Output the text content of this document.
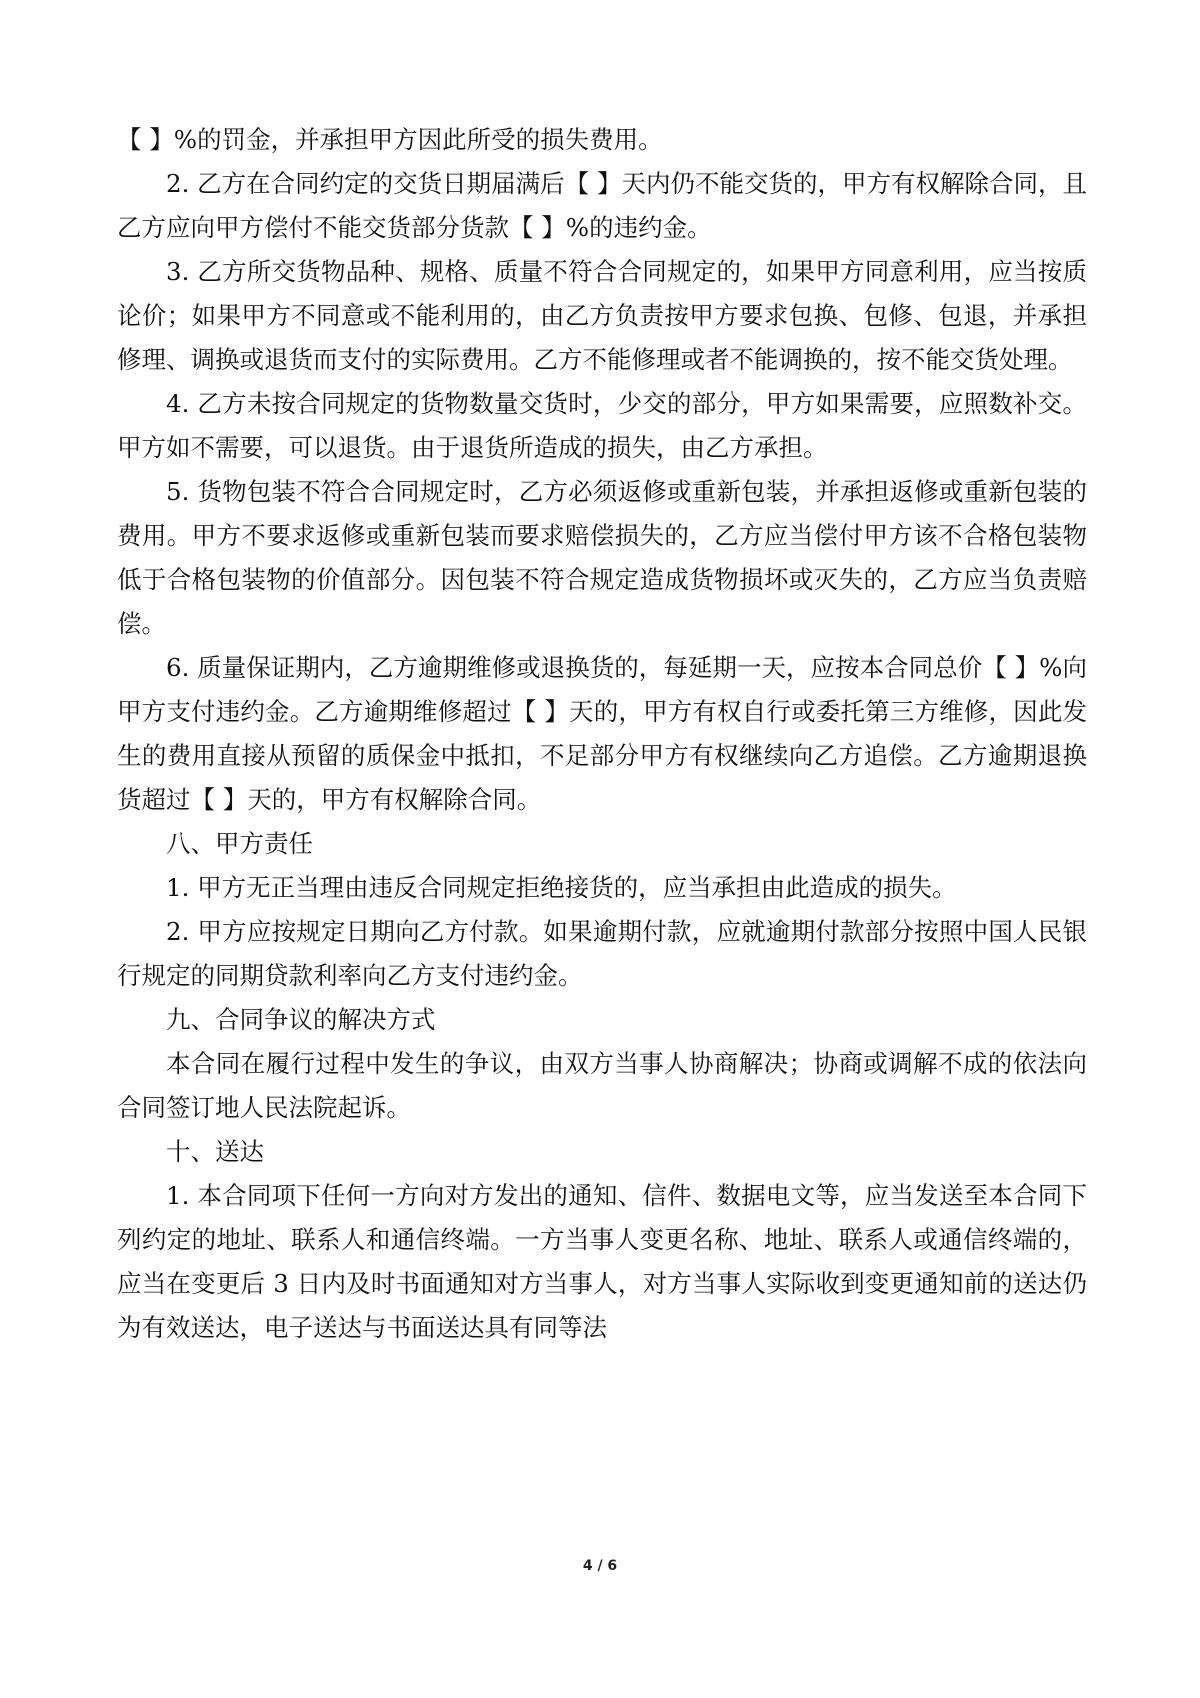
【 】%的罚金，并承担甲方因此所受的损失费用。

2. 乙方在合同约定的交货日期届满后【 】天内仍不能交货的，甲方有权解除合同，且乙方应向甲方偿付不能交货部分货款【 】%的违约金。

3. 乙方所交货物品种、规格、质量不符合合同规定的，如果甲方同意利用，应当按质论价；如果甲方不同意或不能利用的，由乙方负责按甲方要求包换、包修、包退，并承担修理、调换或退货而支付的实际费用。乙方不能修理或者不能调换的，按不能交货处理。

4. 乙方未按合同规定的货物数量交货时，少交的部分，甲方如果需要，应照数补交。甲方如不需要，可以退货。由于退货所造成的损失，由乙方承担。

5. 货物包装不符合合同规定时，乙方必须返修或重新包装，并承担返修或重新包装的费用。甲方不要求返修或重新包装而要求赔偿损失的，乙方应当偿付甲方该不合格包装物低于合格包装物的价值部分。因包装不符合规定造成货物损坏或灭失的，乙方应当负责赔偿。

6. 质量保证期内，乙方逾期维修或退换货的，每延期一天，应按本合同总价【 】%向甲方支付违约金。乙方逾期维修超过【 】天的，甲方有权自行或委托第三方维修，因此发生的费用直接从预留的质保金中抵扣，不足部分甲方有权继续向乙方追偿。乙方逾期退换货超过【 】天的，甲方有权解除合同。

八、甲方责任

1. 甲方无正当理由违反合同规定拒绝接货的，应当承担由此造成的损失。

2. 甲方应按规定日期向乙方付款。如果逾期付款，应就逾期付款部分按照中国人民银行规定的同期贷款利率向乙方支付违约金。

九、合同争议的解决方式

本合同在履行过程中发生的争议，由双方当事人协商解决；协商或调解不成的依法向合同签订地人民法院起诉。

十、送达

1. 本合同项下任何一方向对方发出的通知、信件、数据电文等，应当发送至本合同下列约定的地址、联系人和通信终端。一方当事人变更名称、地址、联系人或通信终端的，应当在变更后 3 日内及时书面通知对方当事人，对方当事人实际收到变更通知前的送达仍为有效送达，电子送达与书面送达具有同等法

4 / 6
